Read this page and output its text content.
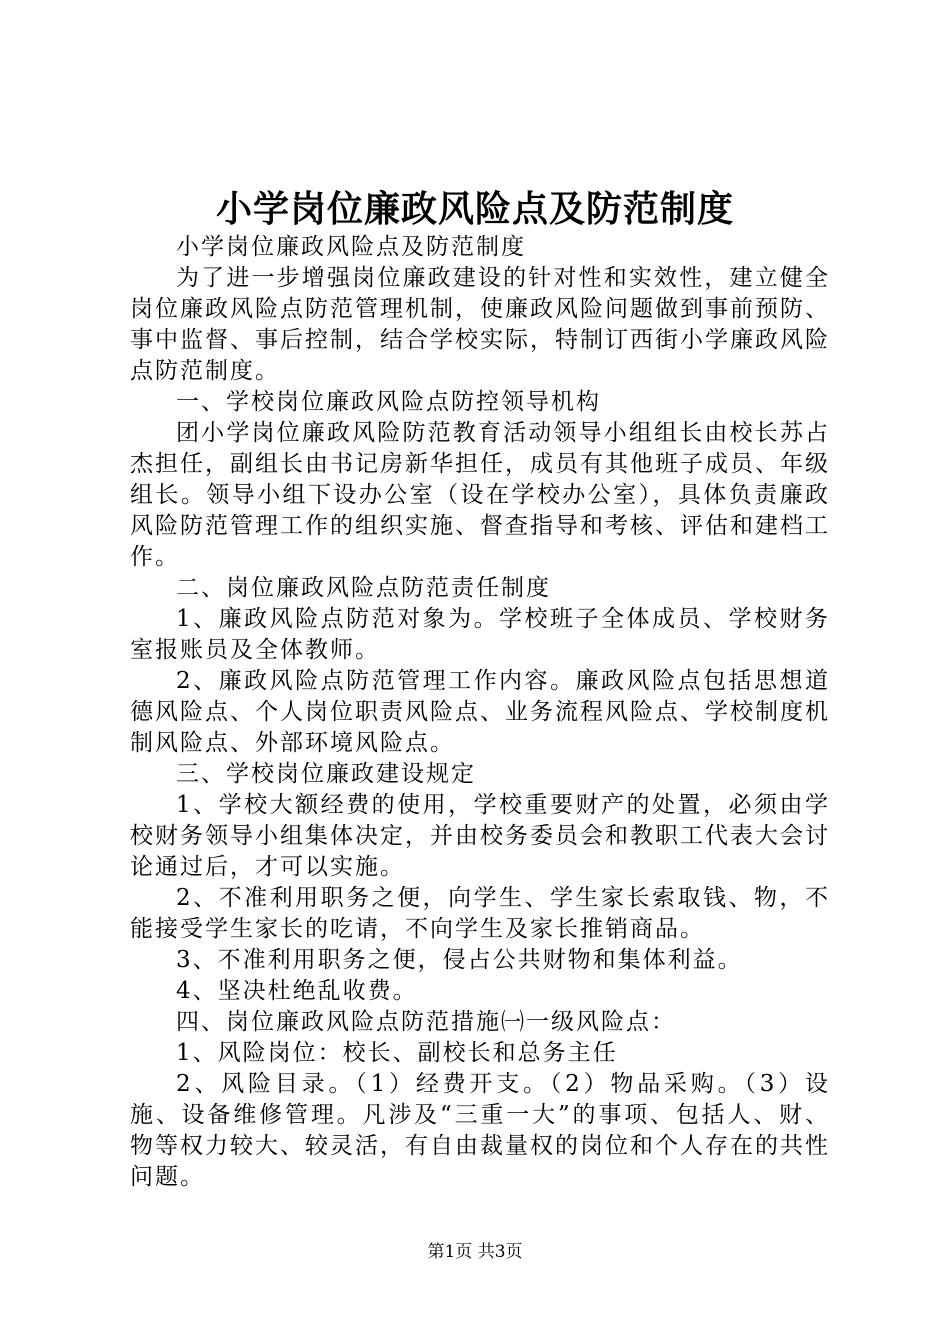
小学岗位廉政风险点及防范制度

小学岗位廉政风险点及防范制度

为了进一步增强岗位廉政建设的针对性和实效性，建立健全岗位廉政风险点防范管理机制，使廉政风险问题做到事前预防、事中监督、事后控制，结合学校实际，特制订西街小学廉政风险点防范制度。

一、学校岗位廉政风险点防控领导机构

团小学岗位廉政风险防范教育活动领导小组组长由校长苏占杰担任，副组长由书记房新华担任，成员有其他班子成员、年级组长。领导小组下设办公室（设在学校办公室），具体负责廉政风险防范管理工作的组织实施、督查指导和考核、评估和建档工作。

二、岗位廉政风险点防范责任制度

1、廉政风险点防范对象为。学校班子全体成员、学校财务室报账员及全体教师。

2、廉政风险点防范管理工作内容。廉政风险点包括思想道德风险点、个人岗位职责风险点、业务流程风险点、学校制度机制风险点、外部环境风险点。

三、学校岗位廉政建设规定

1、学校大额经费的使用，学校重要财产的处置，必须由学校财务领导小组集体决定，并由校务委员会和教职工代表大会讨论通过后，才可以实施。

2、不准利用职务之便，向学生、学生家长索取钱、物，不能接受学生家长的吃请，不向学生及家长推销商品。

3、不准利用职务之便，侵占公共财物和集体利益。

4、坚决杜绝乱收费。

四、岗位廉政风险点防范措施㈠一级风险点：

1、风险岗位：校长、副校长和总务主任

2、风险目录。（1）经费开支。（2）物品采购。（3）设施、设备维修管理。凡涉及“三重一大”的事项、包括人、财、物等权力较大、较灵活，有自由裁量权的岗位和个人存在的共性问题。

第1页 共3页
